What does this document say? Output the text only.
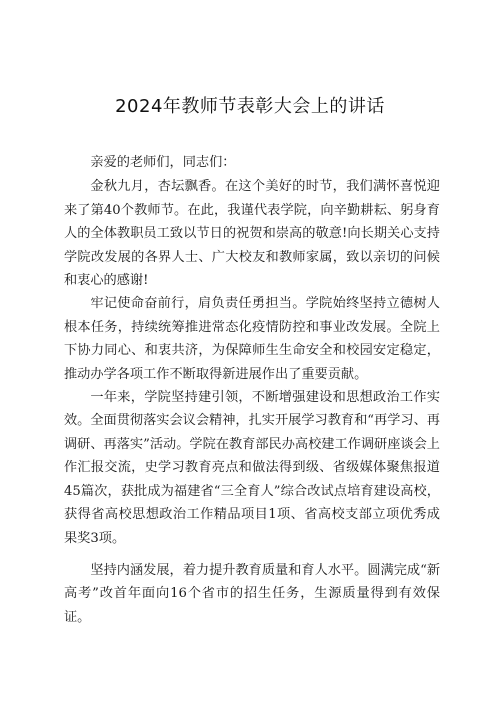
2024年教师节表彰大会上的讲话

亲爱的老师们，同志们：

金秋九月，杏坛飘香。在这个美好的时节，我们满怀喜悦迎来了第40个教师节。在此，我谨代表学院，向辛勤耕耘、躬身育人的全体教职员工致以节日的祝贺和崇高的敬意!向长期关心支持学院改发展的各界人士、广大校友和教师家属，致以亲切的问候和衷心的感谢!

牢记使命奋前行，肩负责任勇担当。学院始终坚持立德树人根本任务，持续统筹推进常态化疫情防控和事业改发展。全院上下协力同心、和衷共济，为保障师生生命安全和校园安定稳定，推动办学各项工作不断取得新进展作出了重要贡献。

一年来，学院坚持建引领，不断增强建设和思想政治工作实效。全面贯彻落实会议会精神，扎实开展学习教育和“再学习、再调研、再落实”活动。学院在教育部民办高校建工作调研座谈会上作汇报交流，史学习教育亮点和做法得到级、省级媒体聚焦报道45篇次，获批成为福建省“三全育人”综合改试点培育建设高校，获得省高校思想政治工作精品项目1项、省高校支部立项优秀成果奖3项。

坚持内涵发展，着力提升教育质量和育人水平。圆满完成“新高考”改首年面向16个省市的招生任务，生源质量得到有效保证。
